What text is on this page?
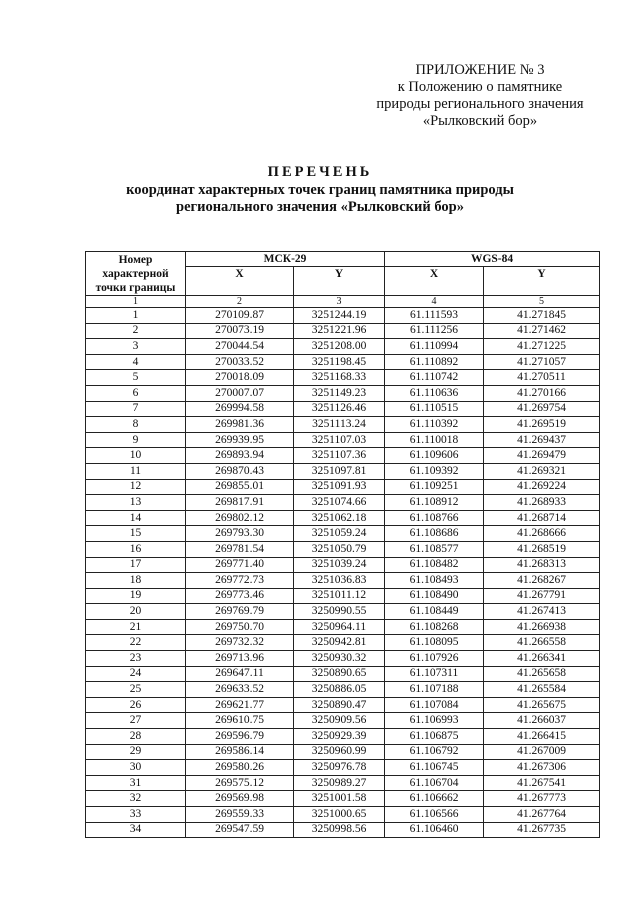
ПРИЛОЖЕНИЕ № 3
к Положению о памятнике
природы регионального значения
«Рылковский бор»
ПЕРЕЧЕНЬ
координат характерных точек границ памятника природы
регионального значения «Рылковский бор»
Номер характерной точки границы	МСК-29		WGS-84	
	X	Y	X	Y
1	2	3	4	5
1	270109.87	3251244.19	61.111593	41.271845
2	270073.19	3251221.96	61.111256	41.271462
3	270044.54	3251208.00	61.110994	41.271225
4	270033.52	3251198.45	61.110892	41.271057
5	270018.09	3251168.33	61.110742	41.270511
6	270007.07	3251149.23	61.110636	41.270166
7	269994.58	3251126.46	61.110515	41.269754
8	269981.36	3251113.24	61.110392	41.269519
9	269939.95	3251107.03	61.110018	41.269437
10	269893.94	3251107.36	61.109606	41.269479
11	269870.43	3251097.81	61.109392	41.269321
12	269855.01	3251091.93	61.109251	41.269224
13	269817.91	3251074.66	61.108912	41.268933
14	269802.12	3251062.18	61.108766	41.268714
15	269793.30	3251059.24	61.108686	41.268666
16	269781.54	3251050.79	61.108577	41.268519
17	269771.40	3251039.24	61.108482	41.268313
18	269772.73	3251036.83	61.108493	41.268267
19	269773.46	3251011.12	61.108490	41.267791
20	269769.79	3250990.55	61.108449	41.267413
21	269750.70	3250964.11	61.108268	41.266938
22	269732.32	3250942.81	61.108095	41.266558
23	269713.96	3250930.32	61.107926	41.266341
24	269647.11	3250890.65	61.107311	41.265658
25	269633.52	3250886.05	61.107188	41.265584
26	269621.77	3250890.47	61.107084	41.265675
27	269610.75	3250909.56	61.106993	41.266037
28	269596.79	3250929.39	61.106875	41.266415
29	269586.14	3250960.99	61.106792	41.267009
30	269580.26	3250976.78	61.106745	41.267306
31	269575.12	3250989.27	61.106704	41.267541
32	269569.98	3251001.58	61.106662	41.267773
33	269559.33	3251000.65	61.106566	41.267764
34	269547.59	3250998.56	61.106460	41.267735
